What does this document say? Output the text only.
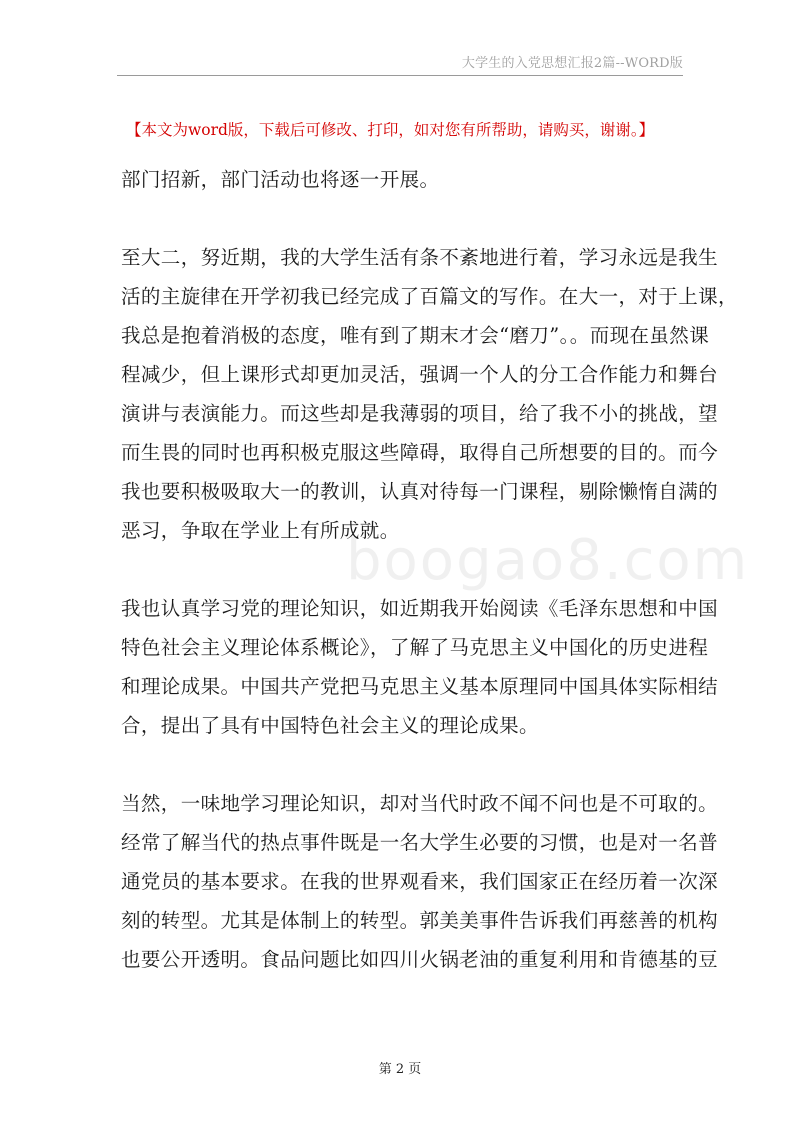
大学生的入党思想汇报2篇--WORD版
【本文为word版，下载后可修改、打印，如对您有所帮助，请购买，谢谢。】
boogao8.com

部门招新，部门活动也将逐一开展。

至大二，努近期，我的大学生活有条不紊地进行着，学习永远是我生
活的主旋律在开学初我已经完成了百篇文的写作。在大一，对于上课，
我总是抱着消极的态度，唯有到了期末才会“磨刀”。。而现在虽然课
程减少，但上课形式却更加灵活，强调一个人的分工合作能力和舞台
演讲与表演能力。而这些却是我薄弱的项目，给了我不小的挑战，望
而生畏的同时也再积极克服这些障碍，取得自己所想要的目的。而今
我也要积极吸取大一的教训，认真对待每一门课程，剔除懒惰自满的
恶习，争取在学业上有所成就。

我也认真学习党的理论知识，如近期我开始阅读《毛泽东思想和中国
特色社会主义理论体系概论》，了解了马克思主义中国化的历史进程
和理论成果。中国共产党把马克思主义基本原理同中国具体实际相结
合，提出了具有中国特色社会主义的理论成果。

当然，一味地学习理论知识，却对当代时政不闻不问也是不可取的。
经常了解当代的热点事件既是一名大学生必要的习惯，也是对一名普
通党员的基本要求。在我的世界观看来，我们国家正在经历着一次深
刻的转型。尤其是体制上的转型。郭美美事件告诉我们再慈善的机构
也要公开透明。食品问题比如四川火锅老油的重复利用和肯德基的豆

第 2 页
